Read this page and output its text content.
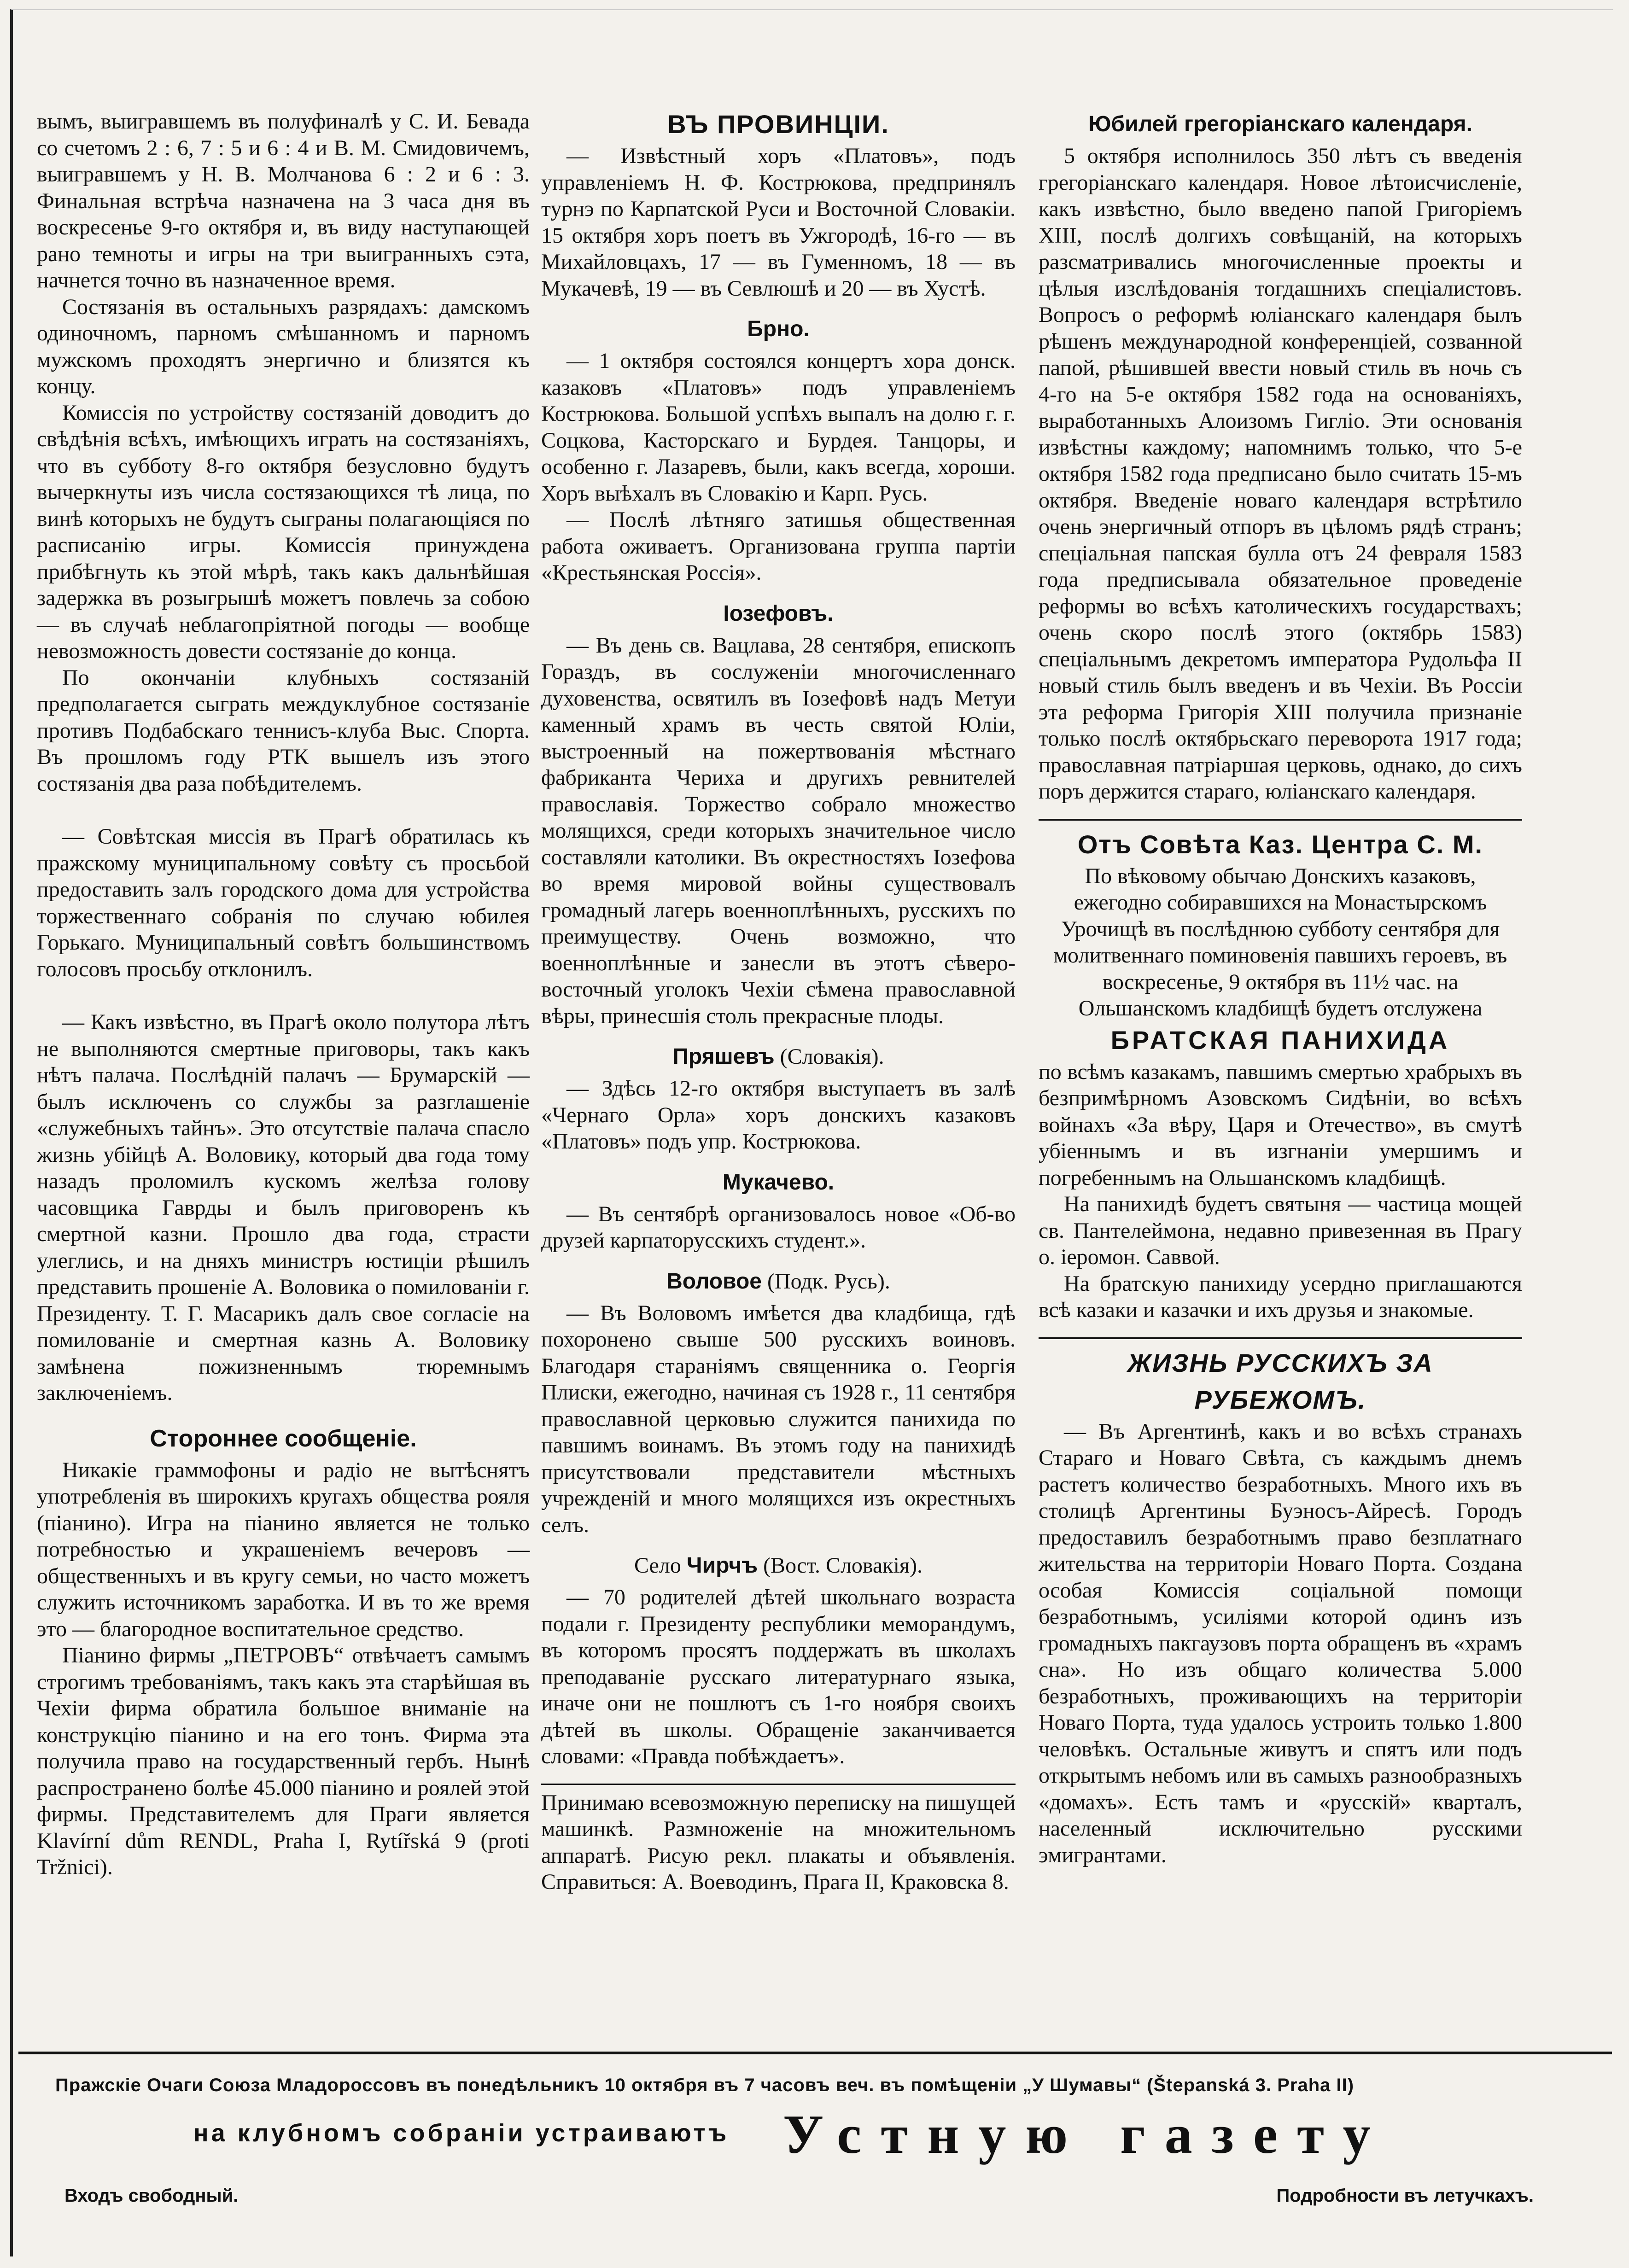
вымъ, выигравшемъ въ полуфиналѣ у С. И. Бевада со счетомъ 2 : 6, 7 : 5 и 6 : 4 и В. М. Смидовичемъ, выигравшемъ у Н. В. Молчанова 6 : 2 и 6 : 3. Финальная встрѣча назначена на 3 часа дня въ воскресенье 9-го октября и, въ виду наступающей рано темноты и игры на три выигранныхъ сэта, начнется точно въ назначенное время.

Состязанія въ остальныхъ разрядахъ: дамскомъ одиночномъ, парномъ смѣшанномъ и парномъ мужскомъ проходятъ энергично и близятся къ концу.

Комиссія по устройству состязаній доводитъ до свѣдѣнія всѣхъ, имѣющихъ играть на состязаніяхъ, что въ субботу 8-го октября безусловно будутъ вычеркнуты изъ числа состязающихся тѣ лица, по винѣ которыхъ не будутъ сыграны полагающіяся по расписанію игры. Комиссія принуждена прибѣгнуть къ этой мѣрѣ, такъ какъ дальнѣйшая задержка въ розыгрышѣ можетъ повлечь за собою — въ случаѣ неблагопріятной погоды — вообще невозможность довести состязаніе до конца.

По окончаніи клубныхъ состязаній предполагается сыграть междуклубное состязаніе противъ Подбабскаго теннисъ-клуба Выс. Спорта. Въ прошломъ году РТК вышелъ изъ этого состязанія два раза побѣдителемъ.

— Совѣтская миссія въ Прагѣ обратилась къ пражскому муниципальному совѣту съ просьбой предоставить залъ городского дома для устройства торжественнаго собранія по случаю юбилея Горькаго. Муниципальный совѣтъ большинствомъ голосовъ просьбу отклонилъ.

— Какъ извѣстно, въ Прагѣ около полутора лѣтъ не выполняются смертные приговоры, такъ какъ нѣтъ палача. Послѣдній палачъ — Брумарскій — былъ исключенъ со службы за разглашеніе «служебныхъ тайнъ». Это отсутствіе палача спасло жизнь убійцѣ А. Воловику, который два года тому назадъ проломилъ кускомъ желѣза голову часовщика Гаврды и былъ приговоренъ къ смертной казни. Прошло два года, страсти улеглись, и на дняхъ министръ юстиціи рѣшилъ представить прошеніе А. Воловика о помилованіи г. Президенту. Т. Г. Масарикъ далъ свое согласіе на помилованіе и смертная казнь А. Воловику замѣнена пожизненнымъ тюремнымъ заключеніемъ.

Стороннее сообщеніе.

Никакіе граммофоны и радіо не вытѣснятъ употребленія въ широкихъ кругахъ общества рояля (піанино). Игра на піанино является не только потребностью и украшеніемъ вечеровъ — общественныхъ и въ кругу семьи, но часто можетъ служить источникомъ заработка. И въ то же время это — благородное воспитательное средство.

Піанино фирмы „ПЕТРОВЪ“ отвѣчаетъ самымъ строгимъ требованіямъ, такъ какъ эта старѣйшая въ Чехіи фирма обратила большое вниманіе на конструкцію піанино и на его тонъ. Фирма эта получила право на государственный гербъ. Нынѣ распространено болѣе 45.000 піанино и роялей этой фирмы. Представителемъ для Праги является Klavírní dům RENDL, Praha I, Rytířská 9 (proti Tržnici).

ВЪ ПРОВИНЦІИ.

— Извѣстный хоръ «Платовъ», подъ управленіемъ Н. Ф. Кострюкова, предпринялъ турнэ по Карпатской Руси и Восточной Словакіи. 15 октября хоръ поетъ въ Ужгородѣ, 16-го — въ Михайловцахъ, 17 — въ Гуменномъ, 18 — въ Мукачевѣ, 19 — въ Севлюшѣ и 20 — въ Хустѣ.

Брно.

— 1 октября состоялся концертъ хора донск. казаковъ «Платовъ» подъ управленіемъ Кострюкова. Большой успѣхъ выпалъ на долю г. г. Соцкова, Касторскаго и Бурдея. Танцоры, и особенно г. Лазаревъ, были, какъ всегда, хороши. Хоръ выѣхалъ въ Словакію и Карп. Русь.

— Послѣ лѣтняго затишья общественная работа оживаетъ. Организована группа партіи «Крестьянская Россія».

Іозефовъ.

— Въ день св. Вацлава, 28 сентября, епископъ Гораздъ, въ сослуженіи многочисленнаго духовенства, освятилъ въ Іозефовѣ надъ Метуи каменный храмъ въ честь святой Юліи, выстроенный на пожертвованія мѣстнаго фабриканта Чериха и другихъ ревнителей православія. Торжество собрало множество молящихся, среди которыхъ значительное число составляли католики. Въ окрестностяхъ Іозефова во время мировой войны существовалъ громадный лагерь военноплѣнныхъ, русскихъ по преимуществу. Очень возможно, что военноплѣнные и занесли въ этотъ сѣверо-восточный уголокъ Чехіи сѣмена православной вѣры, принесшія столь прекрасные плоды.

Пряшевъ (Словакія).

— Здѣсь 12-го октября выступаетъ въ залѣ «Чернаго Орла» хоръ донскихъ казаковъ «Платовъ» подъ упр. Кострюкова.

Мукачево.

— Въ сентябрѣ организовалось новое «Об-во друзей карпаторусскихъ студент.».

Воловое (Подк. Русь).

— Въ Воловомъ имѣется два кладбища, гдѣ похоронено свыше 500 русскихъ воиновъ. Благодаря стараніямъ священника о. Георгія Плиски, ежегодно, начиная съ 1928 г., 11 сентября православной церковью служится панихида по павшимъ воинамъ. Въ этомъ году на панихидѣ присутствовали представители мѣстныхъ учрежденій и много молящихся изъ окрестныхъ селъ.

Село Чирчъ (Вост. Словакія).

— 70 родителей дѣтей школьнаго возраста подали г. Президенту республики меморандумъ, въ которомъ просятъ поддержать въ школахъ преподаваніе русскаго литературнаго языка, иначе они не пошлютъ съ 1-го ноября своихъ дѣтей въ школы. Обращеніе заканчивается словами: «Правда побѣждаетъ».

Принимаю всевозможную переписку на пишущей машинкѣ. Размноженіе на множительномъ аппаратѣ. Рисую рекл. плакаты и объявленія. Справиться: А. Воеводинъ, Прага II, Краковска 8.

Юбилей грегоріанскаго календаря.

5 октября исполнилось 350 лѣтъ съ введенія грегоріанскаго календаря. Новое лѣтоисчисленіе, какъ извѣстно, было введено папой Григоріемъ XIII, послѣ долгихъ совѣщаній, на которыхъ разсматривались многочисленные проекты и цѣлыя изслѣдованія тогдашнихъ спеціалистовъ. Вопросъ о реформѣ юліанскаго календаря былъ рѣшенъ международной конференціей, созванной папой, рѣшившей ввести новый стиль въ ночь съ 4-го на 5-е октября 1582 года на основаніяхъ, выработанныхъ Алоизомъ Гигліо. Эти основанія извѣстны каждому; напомнимъ только, что 5-е октября 1582 года предписано было считать 15-мъ октября. Введеніе новаго календаря встрѣтило очень энергичный отпоръ въ цѣломъ рядѣ странъ; спеціальная папская булла отъ 24 февраля 1583 года предписывала обязательное проведеніе реформы во всѣхъ католическихъ государствахъ; очень скоро послѣ этого (октябрь 1583) спеціальнымъ декретомъ императора Рудольфа II новый стиль былъ введенъ и въ Чехіи. Въ Россіи эта реформа Григорія XIII получила признаніе только послѣ октябрьскаго переворота 1917 года; православная патріаршая церковь, однако, до сихъ поръ держится стараго, юліанскаго календаря.

Отъ Совѣта Каз. Центра С. М.

По вѣковому обычаю Донскихъ казаковъ, ежегодно собиравшихся на Монастырскомъ Урочищѣ въ послѣднюю субботу сентября для молитвеннаго поминовенія павшихъ героевъ, въ воскресенье, 9 октября въ 11½ час. на Ольшанскомъ кладбищѣ будетъ отслужена

БРАТСКАЯ ПАНИХИДА

по всѣмъ казакамъ, павшимъ смертью храбрыхъ въ безпримѣрномъ Азовскомъ Сидѣніи, во всѣхъ войнахъ «За вѣру, Царя и Отечество», въ смутѣ убіеннымъ и въ изгнаніи умершимъ и погребеннымъ на Ольшанскомъ кладбищѣ.

На панихидѣ будетъ святыня — частица мощей св. Пантелеймона, недавно привезенная въ Прагу о. іеромон. Саввой.

На братскую панихиду усердно приглашаются всѣ казаки и казачки и ихъ друзья и знакомые.

ЖИЗНЬ РУССКИХЪ ЗА РУБЕЖОМЪ.

— Въ Аргентинѣ, какъ и во всѣхъ странахъ Стараго и Новаго Свѣта, съ каждымъ днемъ растетъ количество безработныхъ. Много ихъ въ столицѣ Аргентины Буэносъ-Айресѣ. Городъ предоставилъ безработнымъ право безплатнаго жительства на территоріи Новаго Порта. Создана особая Комиссія соціальной помощи безработнымъ, усиліями которой одинъ изъ громадныхъ пакгаузовъ порта обращенъ въ «храмъ сна». Но изъ общаго количества 5.000 безработныхъ, проживающихъ на территоріи Новаго Порта, туда удалось устроить только 1.800 человѣкъ. Остальные живутъ и спятъ или подъ открытымъ небомъ или въ самыхъ разнообразныхъ «домахъ». Есть тамъ и «русскій» кварталъ, населенный исключительно русскими эмигрантами.

Пражскіе Очаги Союза Младороссовъ въ понедѣльникъ 10 октября въ 7 часовъ веч. въ помѣщеніи „У Шумавы“ (Štepanská 3. Praha II)
на клубномъ собраніи устраиваютъ Устную газету
Входъ свободный.	Подробности въ летучкахъ.
